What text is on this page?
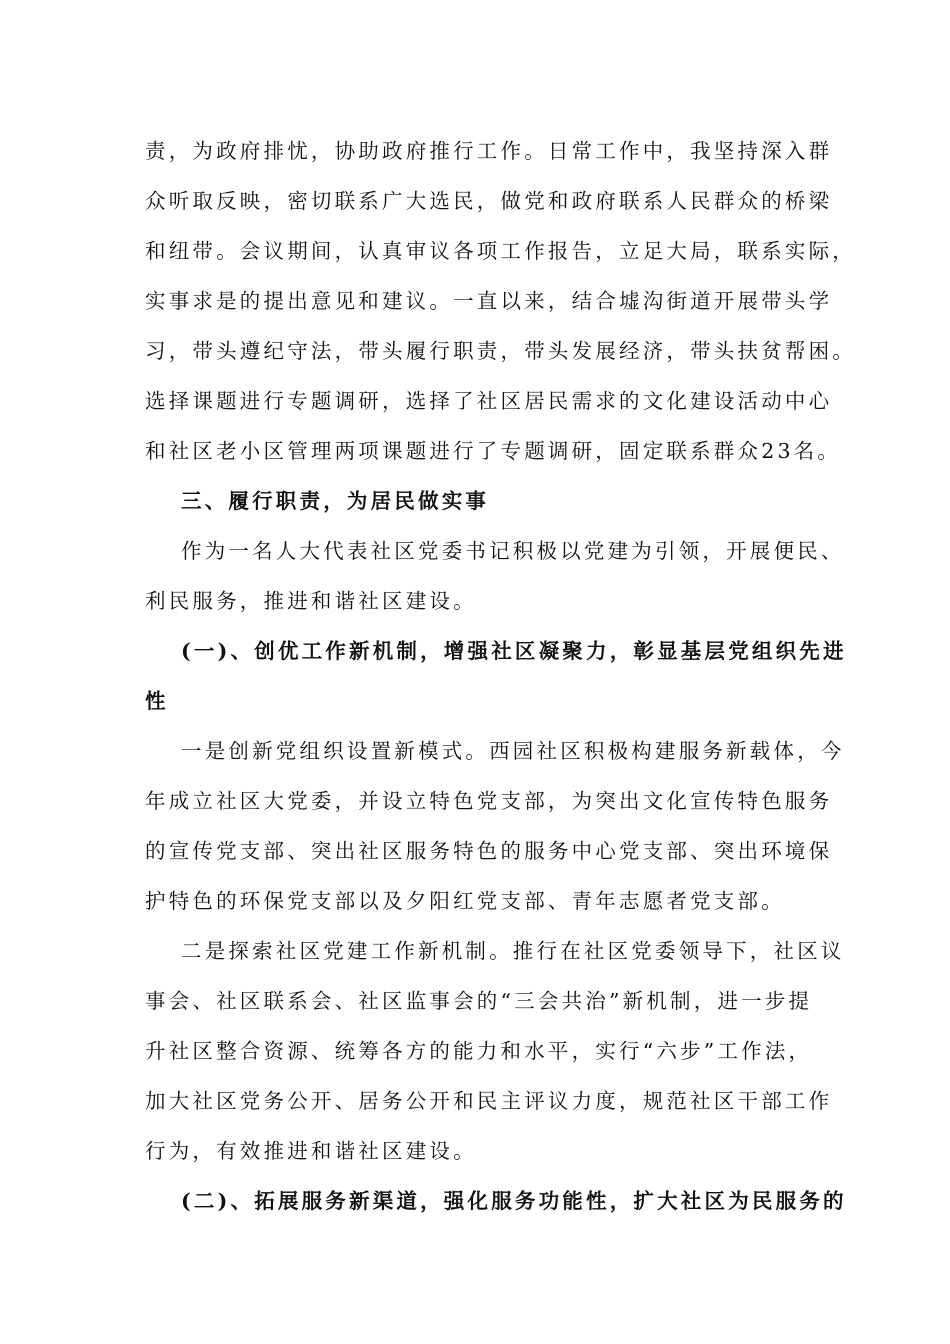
责，为政府排忧，协助政府推行工作。日常工作中，我坚持深入群
众听取反映，密切联系广大选民，做党和政府联系人民群众的桥梁
和纽带。会议期间，认真审议各项工作报告，立足大局，联系实际，
实事求是的提出意见和建议。一直以来，结合墟沟街道开展带头学
习，带头遵纪守法，带头履行职责，带头发展经济，带头扶贫帮困。
选择课题进行专题调研，选择了社区居民需求的文化建设活动中心
和社区老小区管理两项课题进行了专题调研，固定联系群众23名。
三、履行职责，为居民做实事
作为一名人大代表社区党委书记积极以党建为引领，开展便民、
利民服务，推进和谐社区建设。
(一)、创优工作新机制，增强社区凝聚力，彰显基层党组织先进
性
一是创新党组织设置新模式。西园社区积极构建服务新载体，今
年成立社区大党委，并设立特色党支部，为突出文化宣传特色服务
的宣传党支部、突出社区服务特色的服务中心党支部、突出环境保
护特色的环保党支部以及夕阳红党支部、青年志愿者党支部。
二是探索社区党建工作新机制。推行在社区党委领导下，社区议
事会、社区联系会、社区监事会的“三会共治”新机制，进一步提
升社区整合资源、统筹各方的能力和水平，实行“六步”工作法，
加大社区党务公开、居务公开和民主评议力度，规范社区干部工作
行为，有效推进和谐社区建设。
(二)、拓展服务新渠道，强化服务功能性，扩大社区为民服务的
